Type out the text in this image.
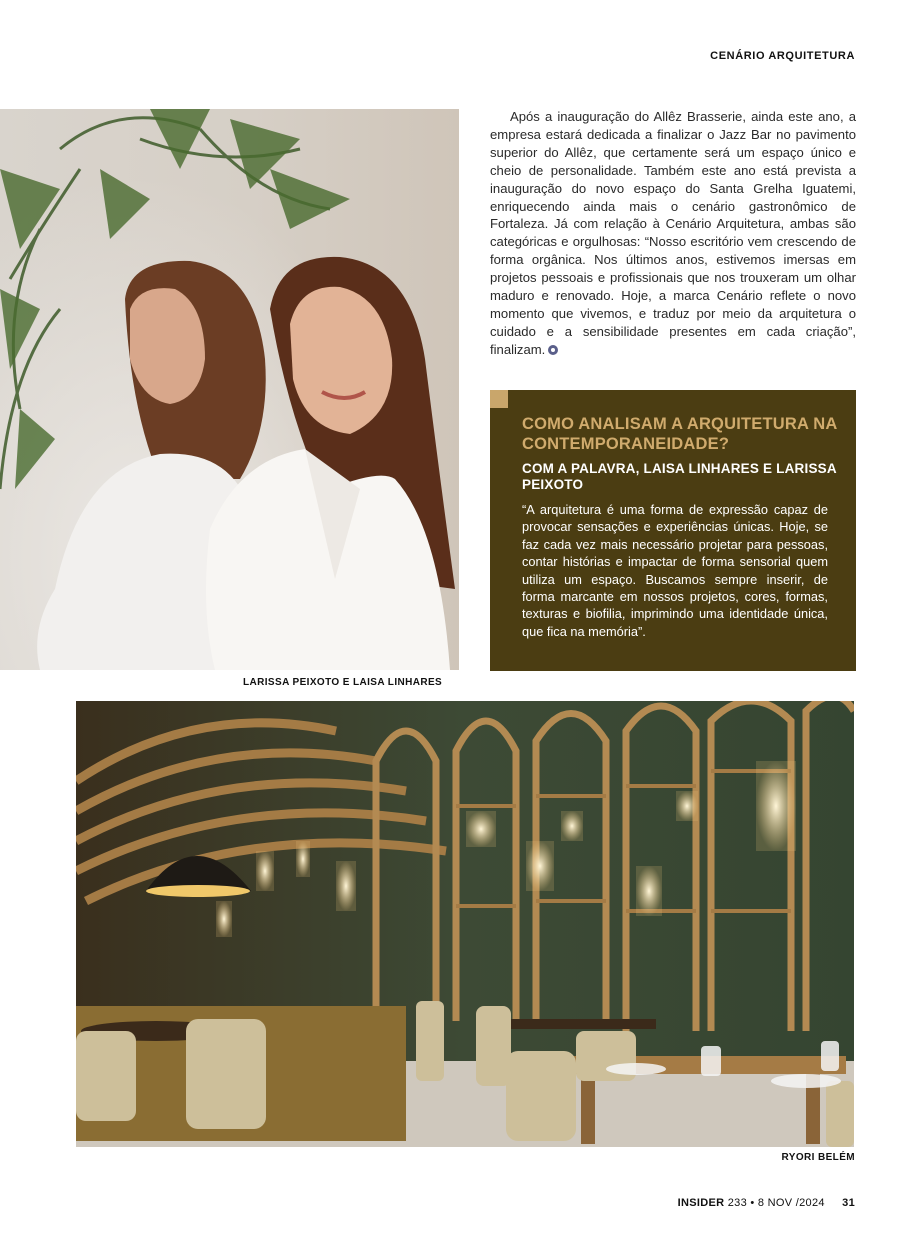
CENÁRIO ARQUITETURA
LARISSA PEIXOTO E LAISA LINHARES

Após a inauguração do Allêz Brasserie, ainda este ano, a empresa estará dedicada a finalizar o Jazz Bar no pavimento superior do Allêz, que certamente será um espaço único e cheio de personalidade. Também este ano está prevista a inauguração do novo espaço do Santa Grelha Iguatemi, enriquecendo ainda mais o cenário gastronômico de Fortaleza. Já com relação à Cenário Arquitetura, ambas são categóricas e orgulhosas: “Nosso escritório vem crescendo de forma orgânica. Nos últimos anos, estivemos imersas em projetos pessoais e profissionais que nos trouxeram um olhar maduro e renovado. Hoje, a marca Cenário reflete o novo momento que vivemos, e traduz por meio da arquitetura o cuidado e a sensibilidade presentes em cada criação”, finalizam.

COMO ANALISAM A ARQUITETURA NA CONTEMPORANEIDADE?
COM A PALAVRA, LAISA LINHARES E LARISSA PEIXOTO
“A arquitetura é uma forma de expressão capaz de provocar sensações e experiências únicas. Hoje, se faz cada vez mais necessário projetar para pessoas, contar histórias e impactar de forma sensorial quem utiliza um espaço. Buscamos sempre inserir, de forma marcante em nossos projetos, cores, formas, texturas e biofilia, imprimindo uma identidade única, que fica na memória”.
RYORI BELÉM
INSIDER 233 • 8 NOV /2024 31
